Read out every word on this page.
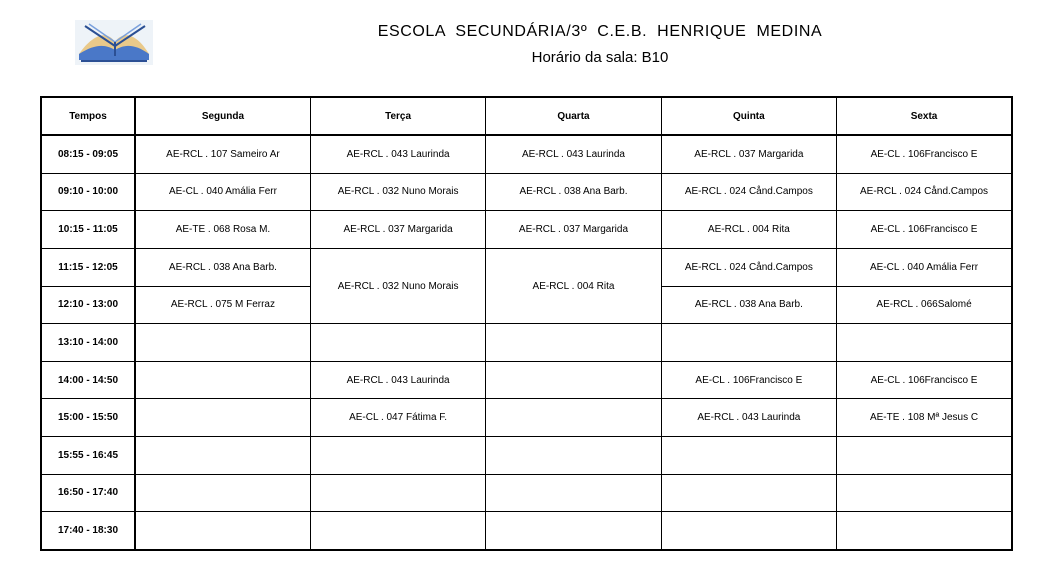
ESCOLA SECUNDÁRIA/3º C.E.B. HENRIQUE MEDINA
Horário da sala: B10
Tempos	Segunda	Terça	Quarta	Quinta	Sexta
08:15 - 09:05	AE-RCL . 107 Sameiro Ar	AE-RCL . 043 Laurinda	AE-RCL . 043 Laurinda	AE-RCL . 037 Margarida	AE-CL . 106Francisco E
09:10 - 10:00	AE-CL . 040 Amália Ferr	AE-RCL . 032 Nuno Morais	AE-RCL . 038 Ana Barb.	AE-RCL . 024 Cånd.Campos	AE-RCL . 024 Cånd.Campos
10:15 - 11:05	AE-TE . 068 Rosa M.	AE-RCL . 037 Margarida	AE-RCL . 037 Margarida	AE-RCL . 004 Rita	AE-CL . 106Francisco E
11:15 - 12:05	AE-RCL . 038 Ana Barb.	AE-RCL . 032 Nuno Morais	AE-RCL . 004 Rita	AE-RCL . 024 Cånd.Campos	AE-CL . 040 Amália Ferr
12:10 - 13:00	AE-RCL . 075 M Ferraz			AE-RCL . 038 Ana Barb.	AE-RCL . 066Salomé
13:10 - 14:00					
14:00 - 14:50		AE-RCL . 043 Laurinda		AE-CL . 106Francisco E	AE-CL . 106Francisco E
15:00 - 15:50		AE-CL . 047 Fátima F.		AE-RCL . 043 Laurinda	AE-TE . 108 Mª Jesus C
15:55 - 16:45					
16:50 - 17:40					
17:40 - 18:30					
